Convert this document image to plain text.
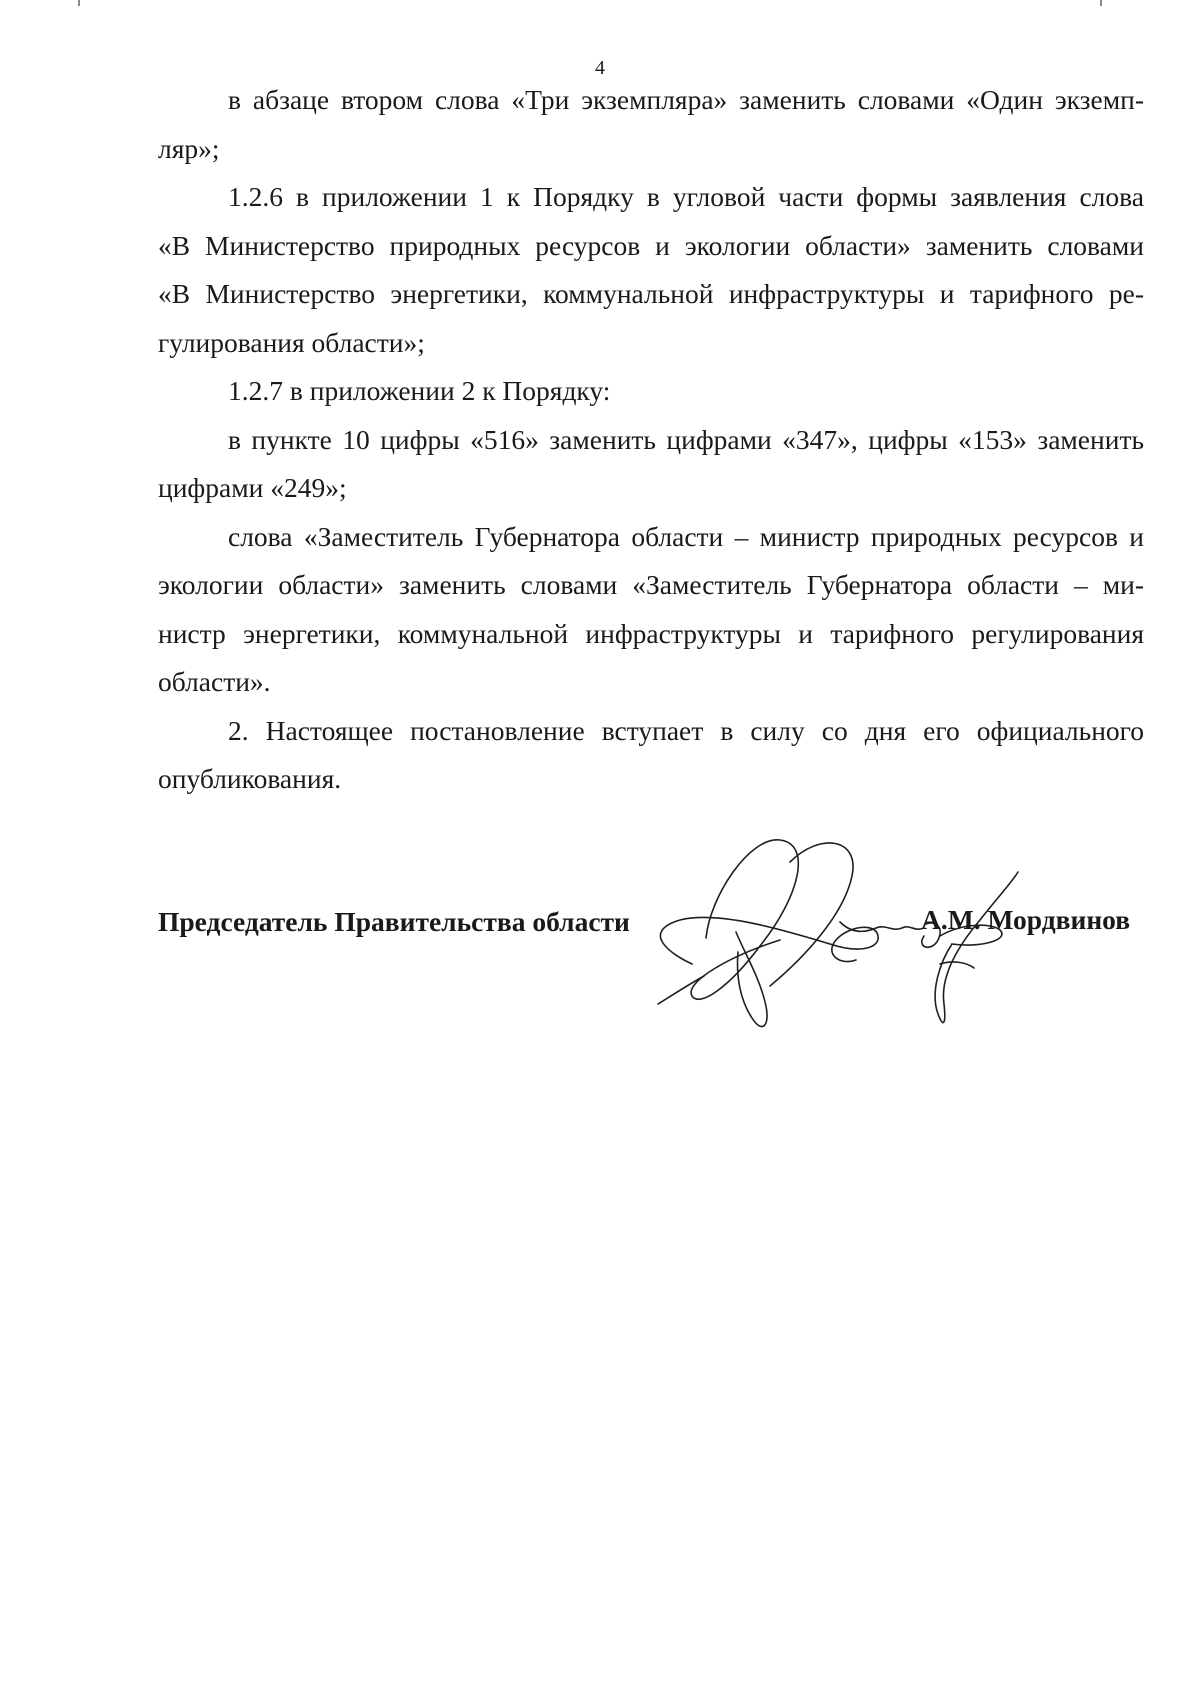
4
в абзаце втором слова «Три экземпляра» заменить словами «Один экземп-
ляр»;
1.2.6 в приложении 1 к Порядку в угловой части формы заявления слова
«В Министерство природных ресурсов и экологии области» заменить словами
«В Министерство энергетики, коммунальной инфраструктуры и тарифного ре-
гулирования области»;
1.2.7 в приложении 2 к Порядку:
в пункте 10 цифры «516» заменить цифрами «347», цифры «153» заменить
цифрами «249»;
слова «Заместитель Губернатора области – министр природных ресурсов и
экологии области» заменить словами «Заместитель Губернатора области – ми-
нистр энергетики, коммунальной инфраструктуры и тарифного регулирования
области».
2. Настоящее постановление вступает в силу со дня его официального
опубликования.
Председатель Правительства области	А.М. Мордвинов
